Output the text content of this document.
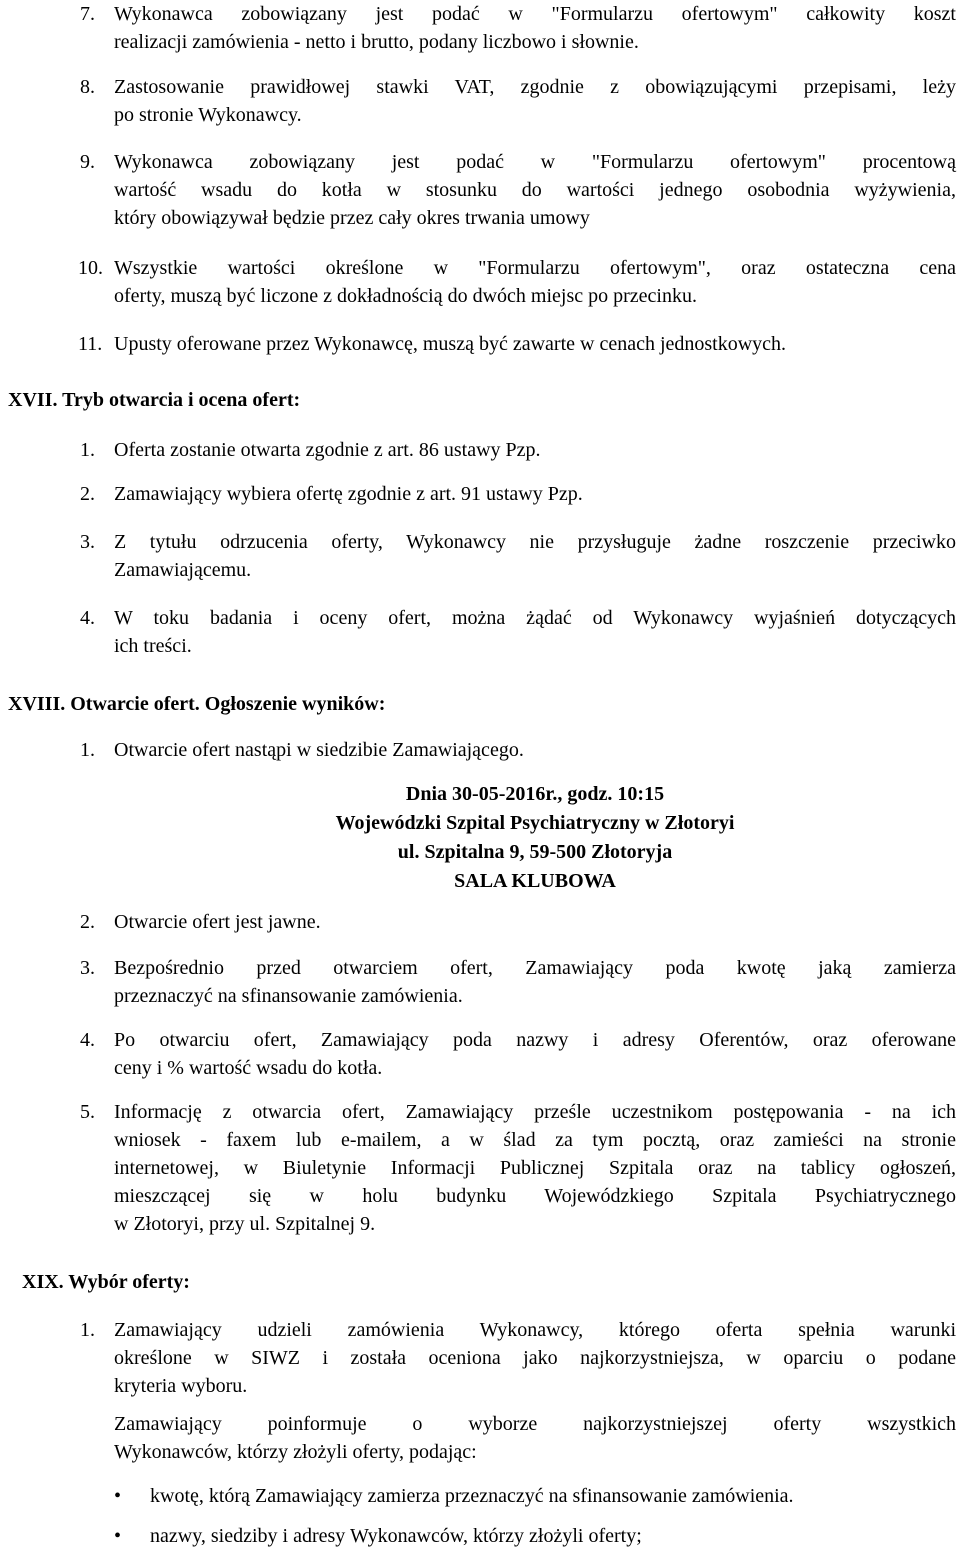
7. Wykonawca zobowiązany jest podać w "Formularzu ofertowym" całkowity koszt
realizacji zamówienia - netto i brutto, podany liczbowo i słownie.
8. Zastosowanie prawidłowej stawki VAT, zgodnie z obowiązującymi przepisami, leży
po stronie Wykonawcy.
9. Wykonawca zobowiązany jest podać w "Formularzu ofertowym" procentową
wartość wsadu do kotła w stosunku do wartości jednego osobodnia wyżywienia,
który obowiązywał będzie przez cały okres trwania umowy
10. Wszystkie wartości określone w "Formularzu ofertowym", oraz ostateczna cena
oferty, muszą być liczone z dokładnością do dwóch miejsc po przecinku.
11. Upusty oferowane przez Wykonawcę, muszą być zawarte w cenach jednostkowych.
XVII. Tryb otwarcia i ocena ofert:
1. Oferta zostanie otwarta zgodnie z art. 86 ustawy Pzp.
2. Zamawiający wybiera ofertę zgodnie z art. 91 ustawy Pzp.
3. Z tytułu odrzucenia oferty, Wykonawcy nie przysługuje żadne roszczenie przeciwko
Zamawiającemu.
4. W toku badania i oceny ofert, można żądać od Wykonawcy wyjaśnień dotyczących
ich treści.
XVIII. Otwarcie ofert. Ogłoszenie wyników:
1. Otwarcie ofert nastąpi w siedzibie Zamawiającego.
Dnia 30-05-2016r., godz. 10:15
Wojewódzki Szpital Psychiatryczny w Złotoryi
ul. Szpitalna 9, 59-500 Złotoryja
SALA KLUBOWA
2. Otwarcie ofert jest jawne.
3. Bezpośrednio przed otwarciem ofert, Zamawiający poda kwotę jaką zamierza
przeznaczyć na sfinansowanie zamówienia.
4. Po otwarciu ofert, Zamawiający poda nazwy i adresy Oferentów, oraz oferowane
ceny i % wartość wsadu do kotła.
5. Informację z otwarcia ofert, Zamawiający prześle uczestnikom postępowania - na ich
wniosek - faxem lub e-mailem, a w ślad za tym pocztą, oraz zamieści na stronie
internetowej, w Biuletynie Informacji Publicznej Szpitala oraz na tablicy ogłoszeń,
mieszczącej się w holu budynku Wojewódzkiego Szpitala Psychiatrycznego
w Złotoryi, przy ul. Szpitalnej 9.
XIX. Wybór oferty:
1. Zamawiający udzieli zamówienia Wykonawcy, którego oferta spełnia warunki
określone w SIWZ i została oceniona jako najkorzystniejsza, w oparciu o podane
kryteria wyboru.
Zamawiający poinformuje o wyborze najkorzystniejszej oferty wszystkich
Wykonawców, którzy złożyli oferty, podając:
• kwotę, którą Zamawiający zamierza przeznaczyć na sfinansowanie zamówienia.
• nazwy, siedziby i adresy Wykonawców, którzy złożyli oferty;
